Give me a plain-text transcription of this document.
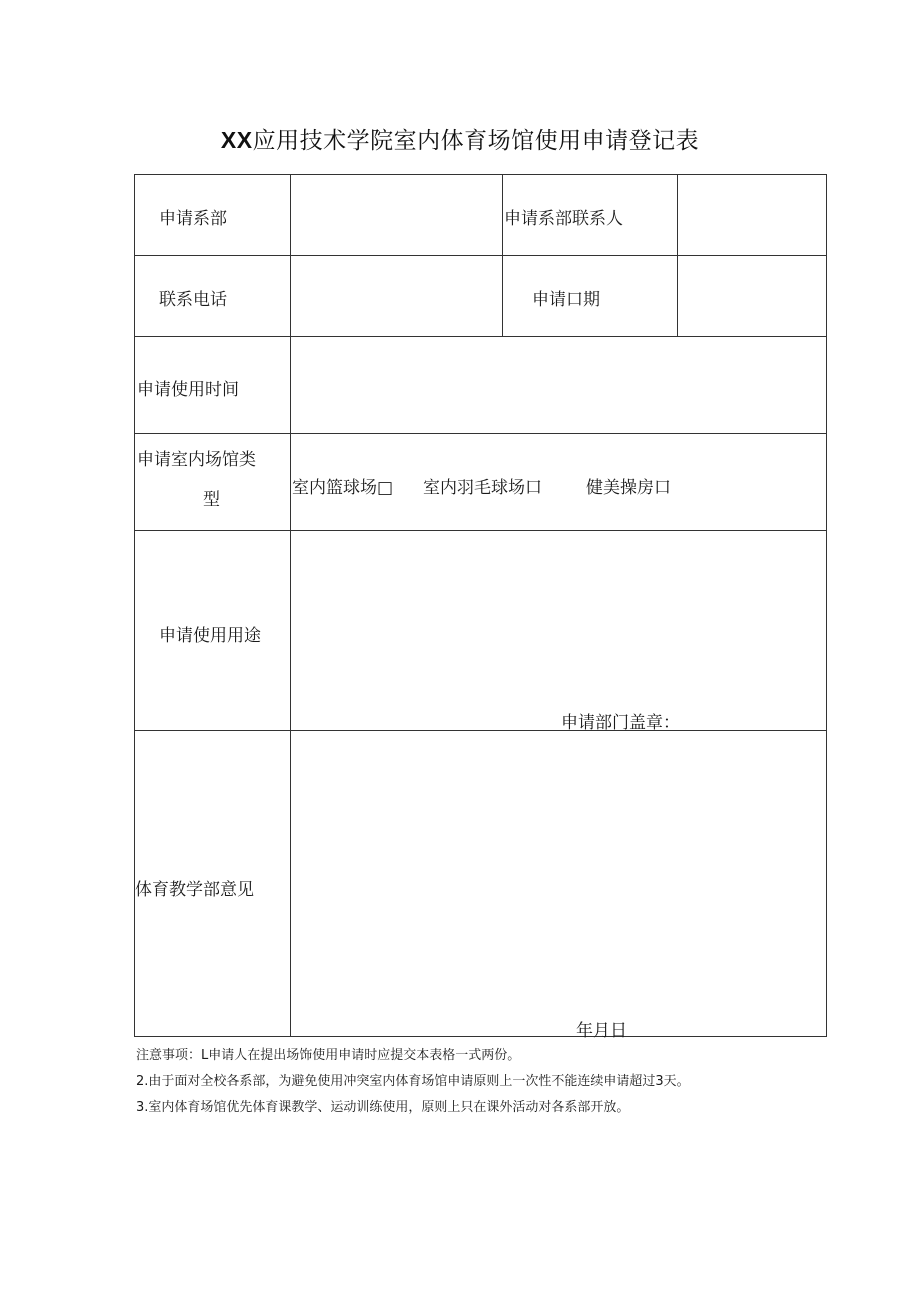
XX应用技术学院室内体育场馆使用申请登记表
申请系部	申请系部联系人
联系电话	申请口期
申请使用时间
申请室内场馆类
型
室内篮球场□ 室内羽毛球场口	健美操房口
申请使用用途
申请部门盖章：
体育教学部意见
年月日
注意事项：L申请人在提出场饰使用申请时应提交本表格一式两份。
2.由于面对全校各系部，为避免使用冲突室内体育场馆申请原则上一次性不能连续申请超过3天。
3.室内体育场馆优先体育课教学、运动训练使用，原则上只在课外活动对各系部开放。
